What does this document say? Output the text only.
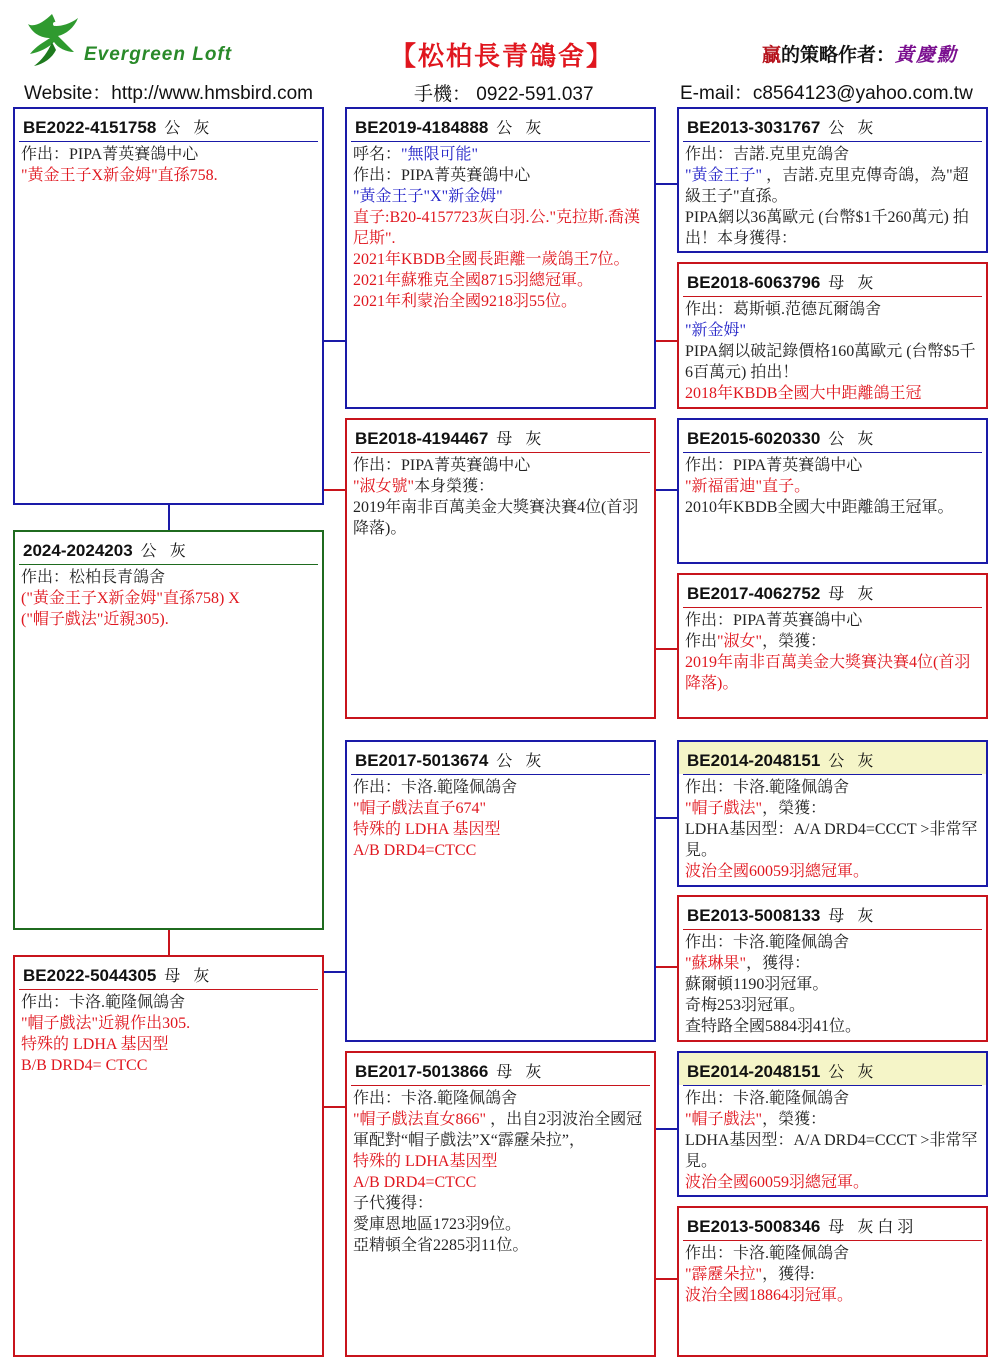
Evergreen Loft	【松柏長青鴿舍】	贏的策略作者：黃慶勳
Website：http://www.hmsbird.com	手機： 0922-591.037	E-mail：c8564123@yahoo.com.tw
BE2022-4151758 公 灰
作出：PIPA菁英賽鴿中心
"黃金王子X新金姆"直孫758.
2024-2024203 公 灰
作出：松柏長青鴿舍
("黃金王子X新金姆"直孫758) X
("帽子戲法"近親305).
BE2022-5044305 母 灰
作出：卡洛.範隆佩鴿舍
"帽子戲法"近親作出305.
特殊的 LDHA 基因型
B/B DRD4= CTCC
BE2019-4184888 公 灰
呼名："無限可能"
作出：PIPA菁英賽鴿中心
"黃金王子"X"新金姆"
直子:B20-4157723灰白羽.公."克拉斯.喬漢尼斯".
2021年KBDB全國長距離一歲鴿王7位。
2021年蘇雅克全國8715羽總冠軍。
2021年利蒙治全國9218羽55位。
BE2018-4194467 母 灰
作出：PIPA菁英賽鴿中心
"淑女號"本身榮獲：
2019年南非百萬美金大獎賽決賽4位(首羽降落)。
BE2017-5013674 公 灰
作出：卡洛.範隆佩鴿舍
"帽子戲法直子674"
特殊的 LDHA 基因型
A/B DRD4=CTCC
BE2017-5013866 母 灰
作出：卡洛.範隆佩鴿舍
"帽子戲法直女866" ，出自2羽波治全國冠軍配對“帽子戲法”X“霹靂朵拉”，
特殊的 LDHA基因型
A/B DRD4=CTCC
子代獲得：
愛庫恩地區1723羽9位。
亞精頓全省2285羽11位。
BE2013-3031767 公 灰
作出：吉諾.克里克鴿舍
"黃金王子" ，吉諾.克里克傳奇鴿，為"超級王子"直孫。
PIPA網以36萬歐元 (台幣$1千260萬元) 拍出！本身獲得：
BE2018-6063796 母 灰
作出：葛斯頓.范德瓦爾鴿舍
"新金姆"
PIPA網以破記錄價格160萬歐元 (台幣$5千6百萬元) 拍出！
2018年KBDB全國大中距離鴿王冠
BE2015-6020330 公 灰
作出：PIPA菁英賽鴿中心
"新福雷迪"直子。
2010年KBDB全國大中距離鴿王冠軍。
BE2017-4062752 母 灰
作出：PIPA菁英賽鴿中心
作出"淑女"，榮獲：
2019年南非百萬美金大獎賽決賽4位(首羽降落)。
BE2014-2048151 公 灰
作出：卡洛.範隆佩鴿舍
"帽子戲法"，榮獲：
LDHA基因型：A/A DRD4=CCCT >非常罕見。
波治全國60059羽總冠軍。
BE2013-5008133 母 灰
作出：卡洛.範隆佩鴿舍
"蘇琳果"，獲得：
蘇爾頓1190羽冠軍。
奇梅253羽冠軍。
查特路全國5884羽41位。
BE2014-2048151 公 灰
作出：卡洛.範隆佩鴿舍
"帽子戲法"，榮獲：
LDHA基因型：A/A DRD4=CCCT >非常罕見。
波治全國60059羽總冠軍。
BE2013-5008346 母 灰白羽
作出：卡洛.範隆佩鴿舍
"霹靂朵拉"，獲得:
波治全國18864羽冠軍。
